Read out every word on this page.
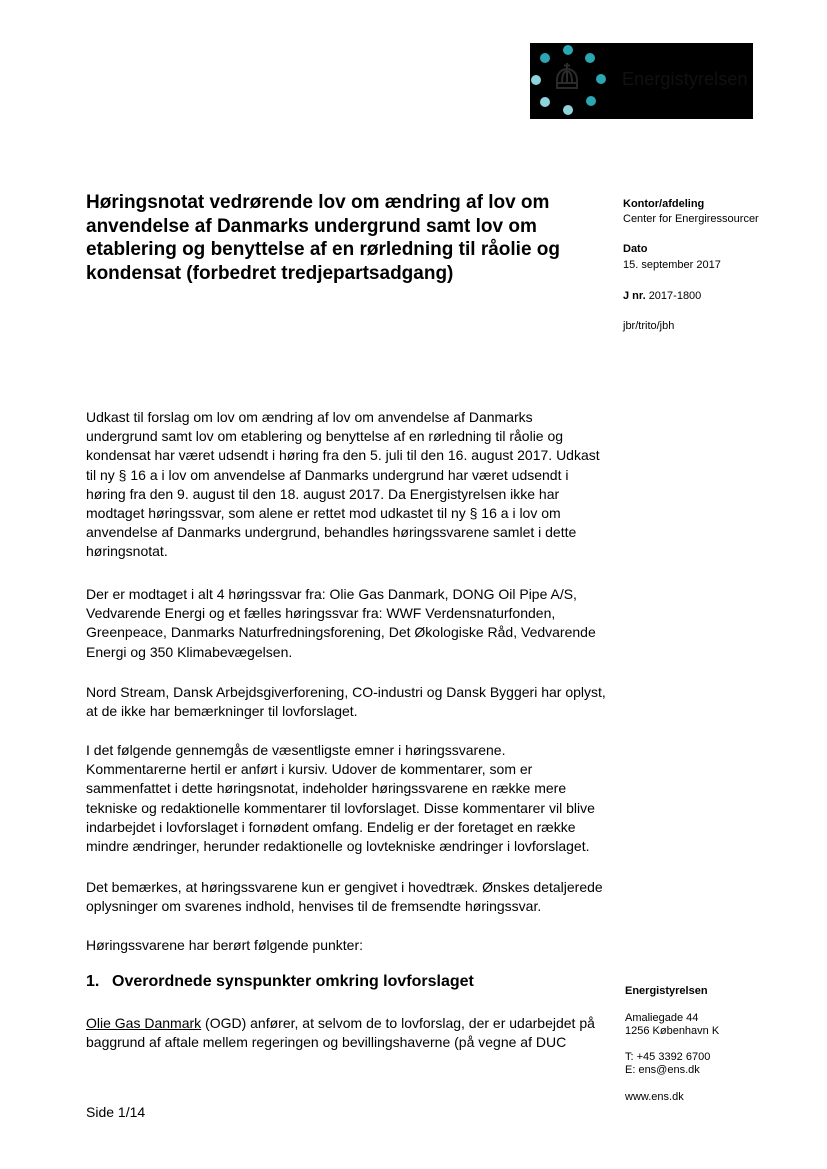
Energistyrelsen
Høringsnotat vedrørende lov om ændring af lov om anvendelse af Danmarks undergrund samt lov om etablering og benyttelse af en rørledning til råolie og kondensat (forbedret tredjepartsadgang)
Kontor/afdeling
Center for Energiressourcer
Dato
15. september 2017
J nr. 2017-1800
jbr/trito/jbh

Udkast til forslag om lov om ændring af lov om anvendelse af Danmarks undergrund samt lov om etablering og benyttelse af en rørledning til råolie og kondensat har været udsendt i høring fra den 5. juli til den 16. august 2017. Udkast til ny § 16 a i lov om anvendelse af Danmarks undergrund har været udsendt i høring fra den 9. august til den 18. august 2017. Da Energistyrelsen ikke har modtaget høringssvar, som alene er rettet mod udkastet til ny § 16 a i lov om anvendelse af Danmarks undergrund, behandles høringssvarene samlet i dette høringsnotat.

Der er modtaget i alt 4 høringssvar fra: Olie Gas Danmark, DONG Oil Pipe A/S, Vedvarende Energi og et fælles høringssvar fra: WWF Verdensnaturfonden, Greenpeace, Danmarks Naturfredningsforening, Det Økologiske Råd, Vedvarende Energi og 350 Klimabevægelsen.

Nord Stream, Dansk Arbejdsgiverforening, CO-industri og Dansk Byggeri har oplyst, at de ikke har bemærkninger til lovforslaget.

I det følgende gennemgås de væsentligste emner i høringssvarene. Kommentarerne hertil er anført i kursiv. Udover de kommentarer, som er sammenfattet i dette høringsnotat, indeholder høringssvarene en række mere tekniske og redaktionelle kommentarer til lovforslaget. Disse kommentarer vil blive indarbejdet i lovforslaget i fornødent omfang. Endelig er der foretaget en række mindre ændringer, herunder redaktionelle og lovtekniske ændringer i lovforslaget.

Det bemærkes, at høringssvarene kun er gengivet i hovedtræk. Ønskes detaljerede oplysninger om svarenes indhold, henvises til de fremsendte høringssvar.

Høringssvarene har berørt følgende punkter:

1. Overordnede synspunkter omkring lovforslaget

Olie Gas Danmark (OGD) anfører, at selvom de to lovforslag, der er udarbejdet på baggrund af aftale mellem regeringen og bevillingshaverne (på vegne af DUC

Energistyrelsen
Amaliegade 44
1256 København K
T: +45 3392 6700
E: ens@ens.dk
www.ens.dk
Side 1/14
